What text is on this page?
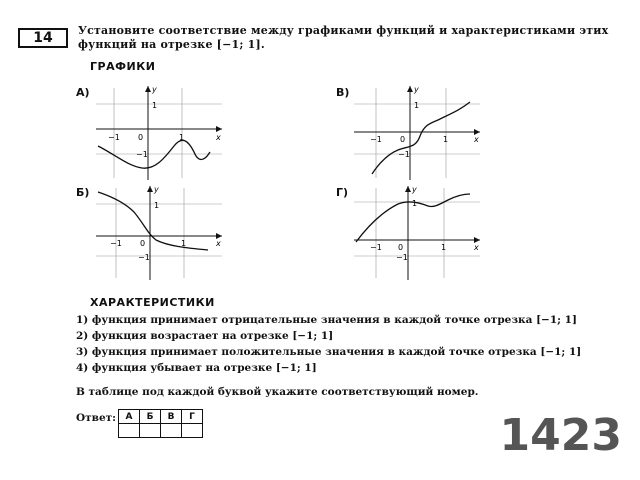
14	Установите соответствие между графиками функций и характеристиками этих
функций на отрезке [−1; 1].
ГРАФИКИ
А)	В)
Б)	Г)
x
y
−1 0	1
1
−1
x
y
−1 0	1
1
−1
x
y
−1 0	1
1
−1
x
y
−1 0	1
1
−1
ХАРАКТЕРИСТИКИ
1) функция принимает отрицательные значения в каждой точке отрезка [−1; 1]
2) функция возрастает на отрезке [−1; 1]
3) функция принимает положительные значения в каждой точке отрезка [−1; 1]
4) функция убывает на отрезке [−1; 1]
В таблице под каждой буквой укажите соответствующий номер.
Ответ: А	Б	В	Г
				1423
